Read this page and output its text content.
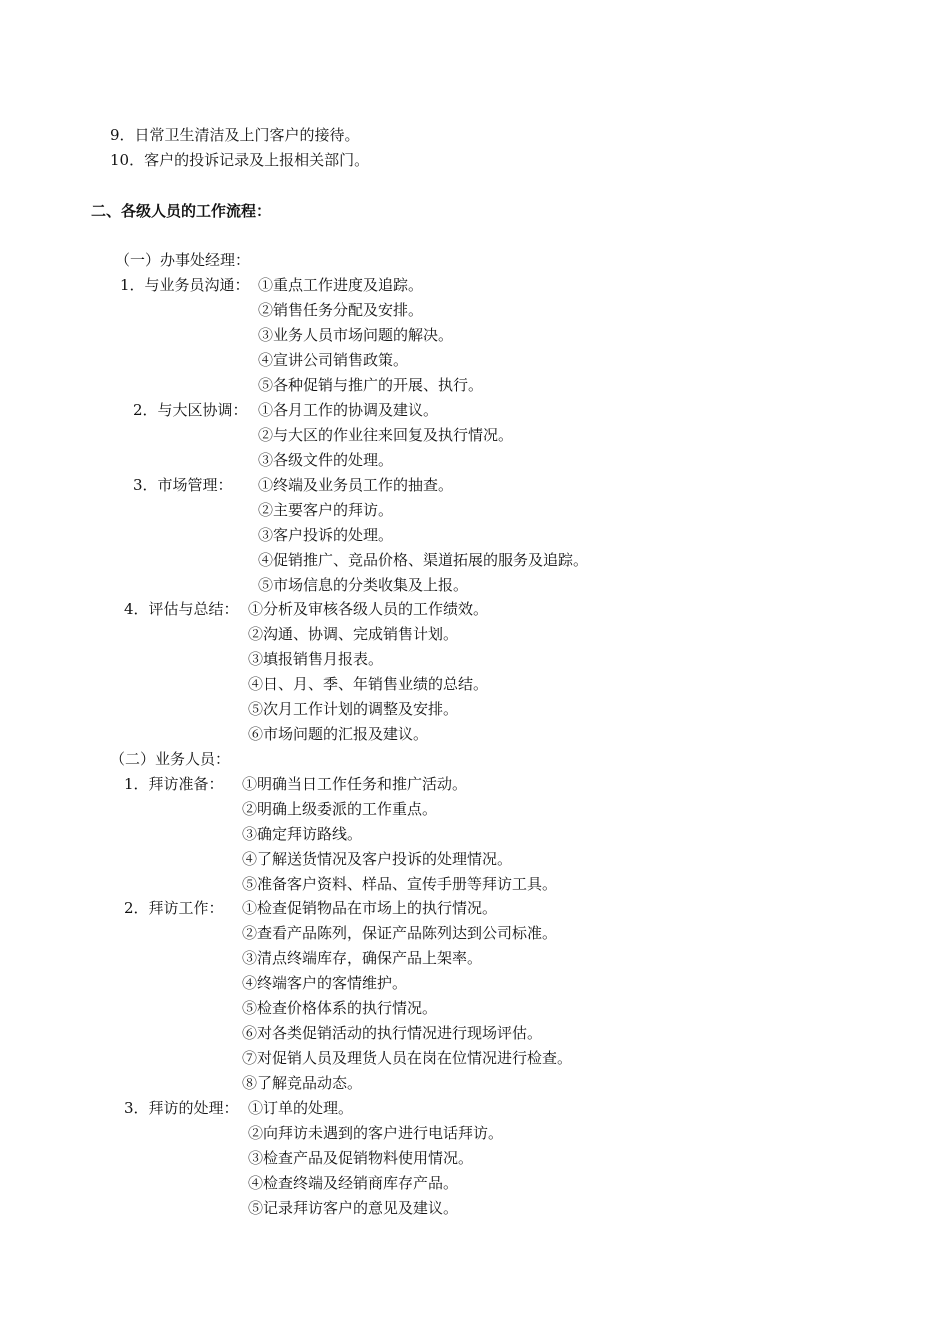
9．日常卫生清洁及上门客户的接待。
10．客户的投诉记录及上报相关部门。
二、各级人员的工作流程：
（一）办事处经理：
1．与业务员沟通： ①重点工作进度及追踪。
②销售任务分配及安排。
③业务人员市场问题的解决。
④宣讲公司销售政策。
⑤各种促销与推广的开展、执行。
2．与大区协调： ①各月工作的协调及建议。
②与大区的作业往来回复及执行情况。
③各级文件的处理。
3．市场管理： ①终端及业务员工作的抽查。
②主要客户的拜访。
③客户投诉的处理。
④促销推广、竞品价格、渠道拓展的服务及追踪。
⑤市场信息的分类收集及上报。
4．评估与总结： ①分析及审核各级人员的工作绩效。
②沟通、协调、完成销售计划。
③填报销售月报表。
④日、月、季、年销售业绩的总结。
⑤次月工作计划的调整及安排。
⑥市场问题的汇报及建议。
（二）业务人员：
1．拜访准备： ①明确当日工作任务和推广活动。
②明确上级委派的工作重点。
③确定拜访路线。
④了解送货情况及客户投诉的处理情况。
⑤准备客户资料、样品、宣传手册等拜访工具。
2．拜访工作： ①检查促销物品在市场上的执行情况。
②查看产品陈列，保证产品陈列达到公司标准。
③清点终端库存，确保产品上架率。
④终端客户的客情维护。
⑤检查价格体系的执行情况。
⑥对各类促销活动的执行情况进行现场评估。
⑦对促销人员及理货人员在岗在位情况进行检查。
⑧了解竞品动态。
3．拜访的处理： ①订单的处理。
②向拜访未遇到的客户进行电话拜访。
③检查产品及促销物料使用情况。
④检查终端及经销商库存产品。
⑤记录拜访客户的意见及建议。
